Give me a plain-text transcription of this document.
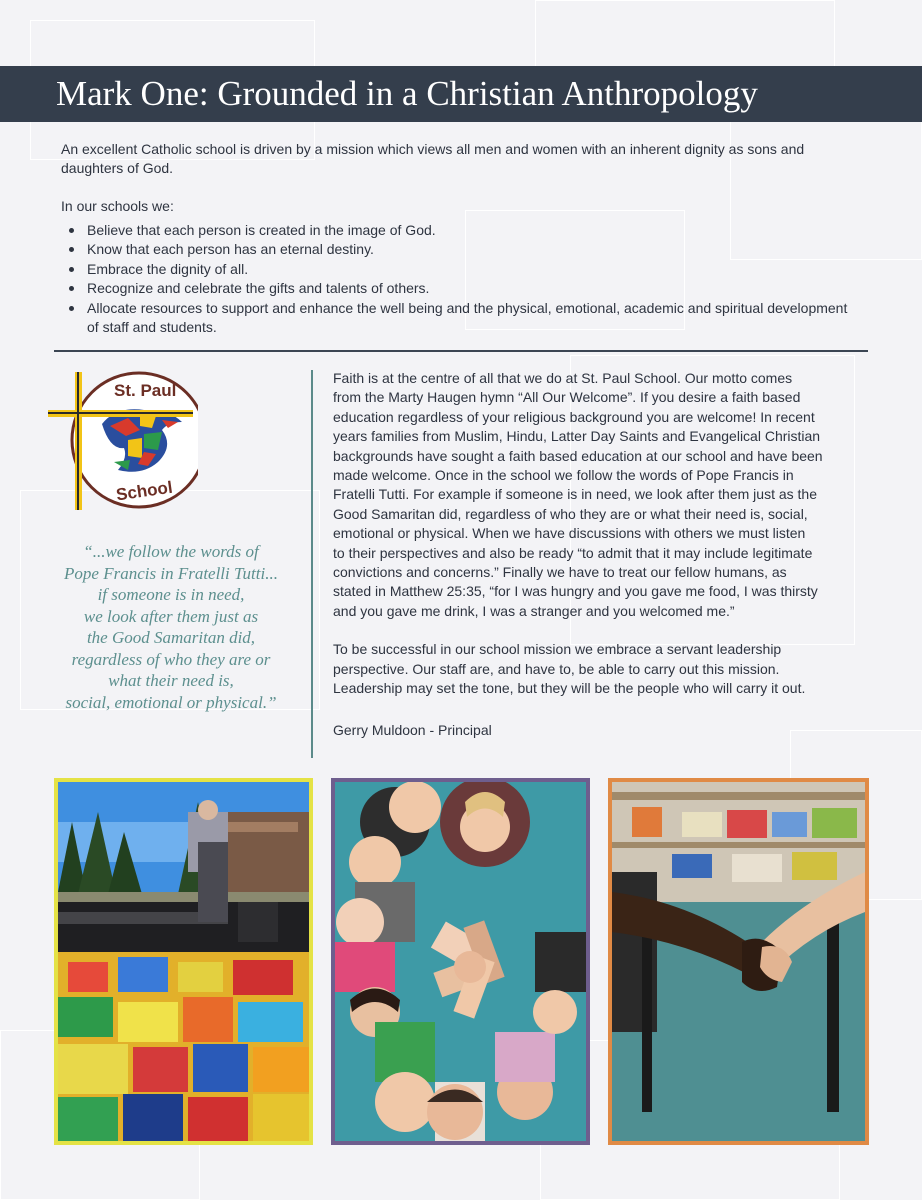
Mark One: Grounded in a Christian Anthropology

An excellent Catholic school is driven by a mission which views all men and women with an inherent dignity as sons and daughters of God.

In our schools we:
Believe that each person is created in the image of God.
Know that each person has an eternal destiny.
Embrace the dignity of all.
Recognize and celebrate the gifts and talents of others.
Allocate resources to support and enhance the well being and the physical, emotional, academic and spiritual development of staff and students.
St. Paul
School
“...we follow the words of
Pope Francis in Fratelli Tutti...
if someone is in need,
we look after them just as
the Good Samaritan did,
regardless of who they are or
what their need is,
social, emotional or physical.”
Faith is at the centre of all that we do at St. Paul School. Our motto comes
from the Marty Haugen hymn “All Our Welcome”. If you desire a faith based
education regardless of your religious background you are welcome! In recent
years families from Muslim, Hindu, Latter Day Saints and Evangelical Christian
backgrounds have sought a faith based education at our school and have been
made welcome. Once in the school we follow the words of Pope Francis in
Fratelli Tutti. For example if someone is in need, we look after them just as the
Good Samaritan did, regardless of who they are or what their need is, social,
emotional or physical. When we have discussions with others we must listen
to their perspectives and also be ready “to admit that it may include legitimate
convictions and concerns.” Finally we have to treat our fellow humans, as
stated in Matthew 25:35, “for I was hungry and you gave me food, I was thirsty
and you gave me drink, I was a stranger and you welcomed me.”
To be successful in our school mission we embrace a servant leadership
perspective. Our staff are, and have to, be able to carry out this mission.
Leadership may set the tone, but they will be the people who will carry it out.
Gerry Muldoon - Principal
